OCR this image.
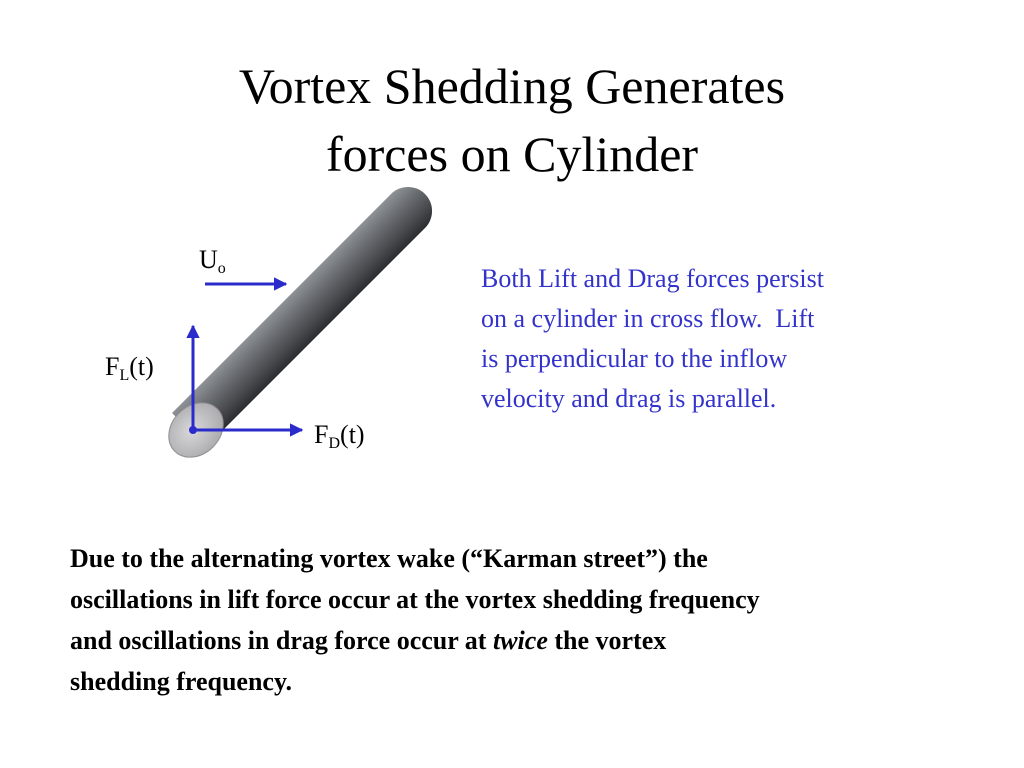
Vortex Shedding Generates
forces on Cylinder
$U_o$
$F_L(t)$
$F_D(t)$

Both Lift and Drag forces persist
on a cylinder in cross flow.  Lift
is perpendicular to the inflow
velocity and drag is parallel.

Due to the alternating vortex wake (“Karman street”) the
oscillations in lift force occur at the vortex shedding frequency
and oscillations in drag force occur at twice the vortex
shedding frequency.
